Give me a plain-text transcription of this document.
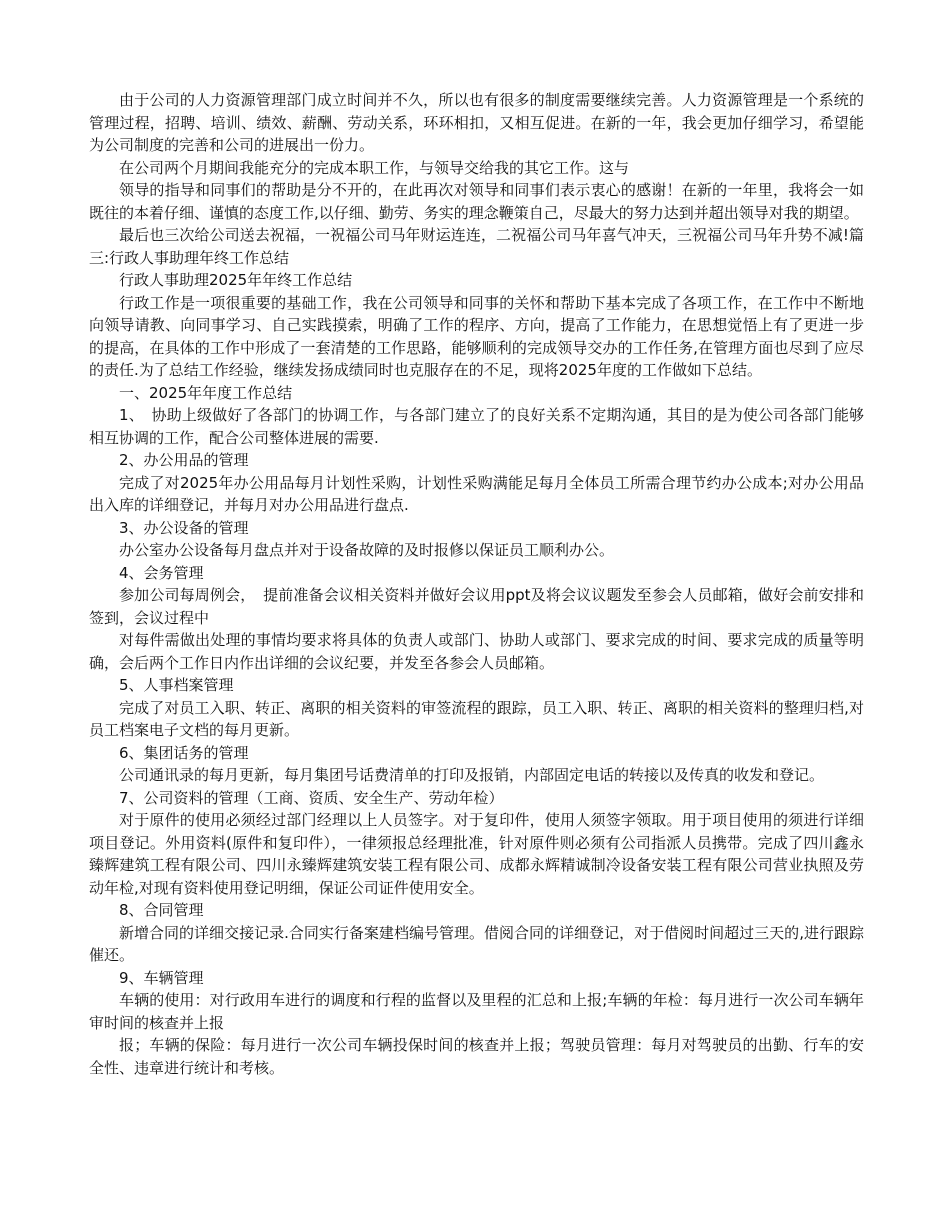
由于公司的人力资源管理部门成立时间并不久，所以也有很多的制度需要继续完善。人力资源管理是一个系统的管理过程，招聘、培训、绩效、薪酬、劳动关系，环环相扣，又相互促进。在新的一年，我会更加仔细学习，希望能为公司制度的完善和公司的进展出一份力。

在公司两个月期间我能充分的完成本职工作，与领导交给我的其它工作。这与

领导的指导和同事们的帮助是分不开的，在此再次对领导和同事们表示衷心的感谢！在新的一年里，我将会一如既往的本着仔细、谨慎的态度工作,以仔细、勤劳、务实的理念鞭策自己，尽最大的努力达到并超出领导对我的期望。

最后也三次给公司送去祝福，一祝福公司马年财运连连，二祝福公司马年喜气冲天，三祝福公司马年升势不减!篇三:行政人事助理年终工作总结

行政人事助理2025年年终工作总结

行政工作是一项很重要的基础工作，我在公司领导和同事的关怀和帮助下基本完成了各项工作，在工作中不断地向领导请教、向同事学习、自己实践摸索，明确了工作的程序、方向，提高了工作能力，在思想觉悟上有了更进一步的提高，在具体的工作中形成了一套清楚的工作思路，能够顺利的完成领导交办的工作任务,在管理方面也尽到了应尽的责任.为了总结工作经验，继续发扬成绩同时也克服存在的不足，现将2025年度的工作做如下总结。

一、2025年年度工作总结

1、　协助上级做好了各部门的协调工作，与各部门建立了的良好关系不定期沟通，其目的是为使公司各部门能够相互协调的工作，配合公司整体进展的需要.

2、办公用品的管理

完成了对2025年办公用品每月计划性采购，计划性采购满能足每月全体员工所需合理节约办公成本;对办公用品出入库的详细登记，并每月对办公用品进行盘点.

3、办公设备的管理

办公室办公设备每月盘点并对于设备故障的及时报修以保证员工顺利办公。

4、会务管理

参加公司每周例会，　提前准备会议相关资料并做好会议用ppt及将会议议题发至参会人员邮箱，做好会前安排和签到，会议过程中

对每件需做出处理的事情均要求将具体的负责人或部门、协助人或部门、要求完成的时间、要求完成的质量等明确，会后两个工作日内作出详细的会议纪要，并发至各参会人员邮箱。

5、人事档案管理

完成了对员工入职、转正、离职的相关资料的审签流程的跟踪，员工入职、转正、离职的相关资料的整理归档,对员工档案电子文档的每月更新。

6、集团话务的管理

公司通讯录的每月更新，每月集团号话费清单的打印及报销，内部固定电话的转接以及传真的收发和登记。

7、公司资料的管理（工商、资质、安全生产、劳动年检）

对于原件的使用必须经过部门经理以上人员签字。对于复印件，使用人须签字领取。用于项目使用的须进行详细项目登记。外用资料(原件和复印件），一律须报总经理批准，针对原件则必须有公司指派人员携带。完成了四川鑫永臻辉建筑工程有限公司、四川永臻辉建筑安装工程有限公司、成都永辉精诚制冷设备安装工程有限公司营业执照及劳动年检,对现有资料使用登记明细，保证公司证件使用安全。

8、合同管理

新增合同的详细交接记录.合同实行备案建档编号管理。借阅合同的详细登记，对于借阅时间超过三天的,进行跟踪催还。

9、车辆管理

车辆的使用：对行政用车进行的调度和行程的监督以及里程的汇总和上报;车辆的年检：每月进行一次公司车辆年审时间的核查并上报

报；车辆的保险：每月进行一次公司车辆投保时间的核查并上报；驾驶员管理：每月对驾驶员的出勤、行车的安全性、违章进行统计和考核。
